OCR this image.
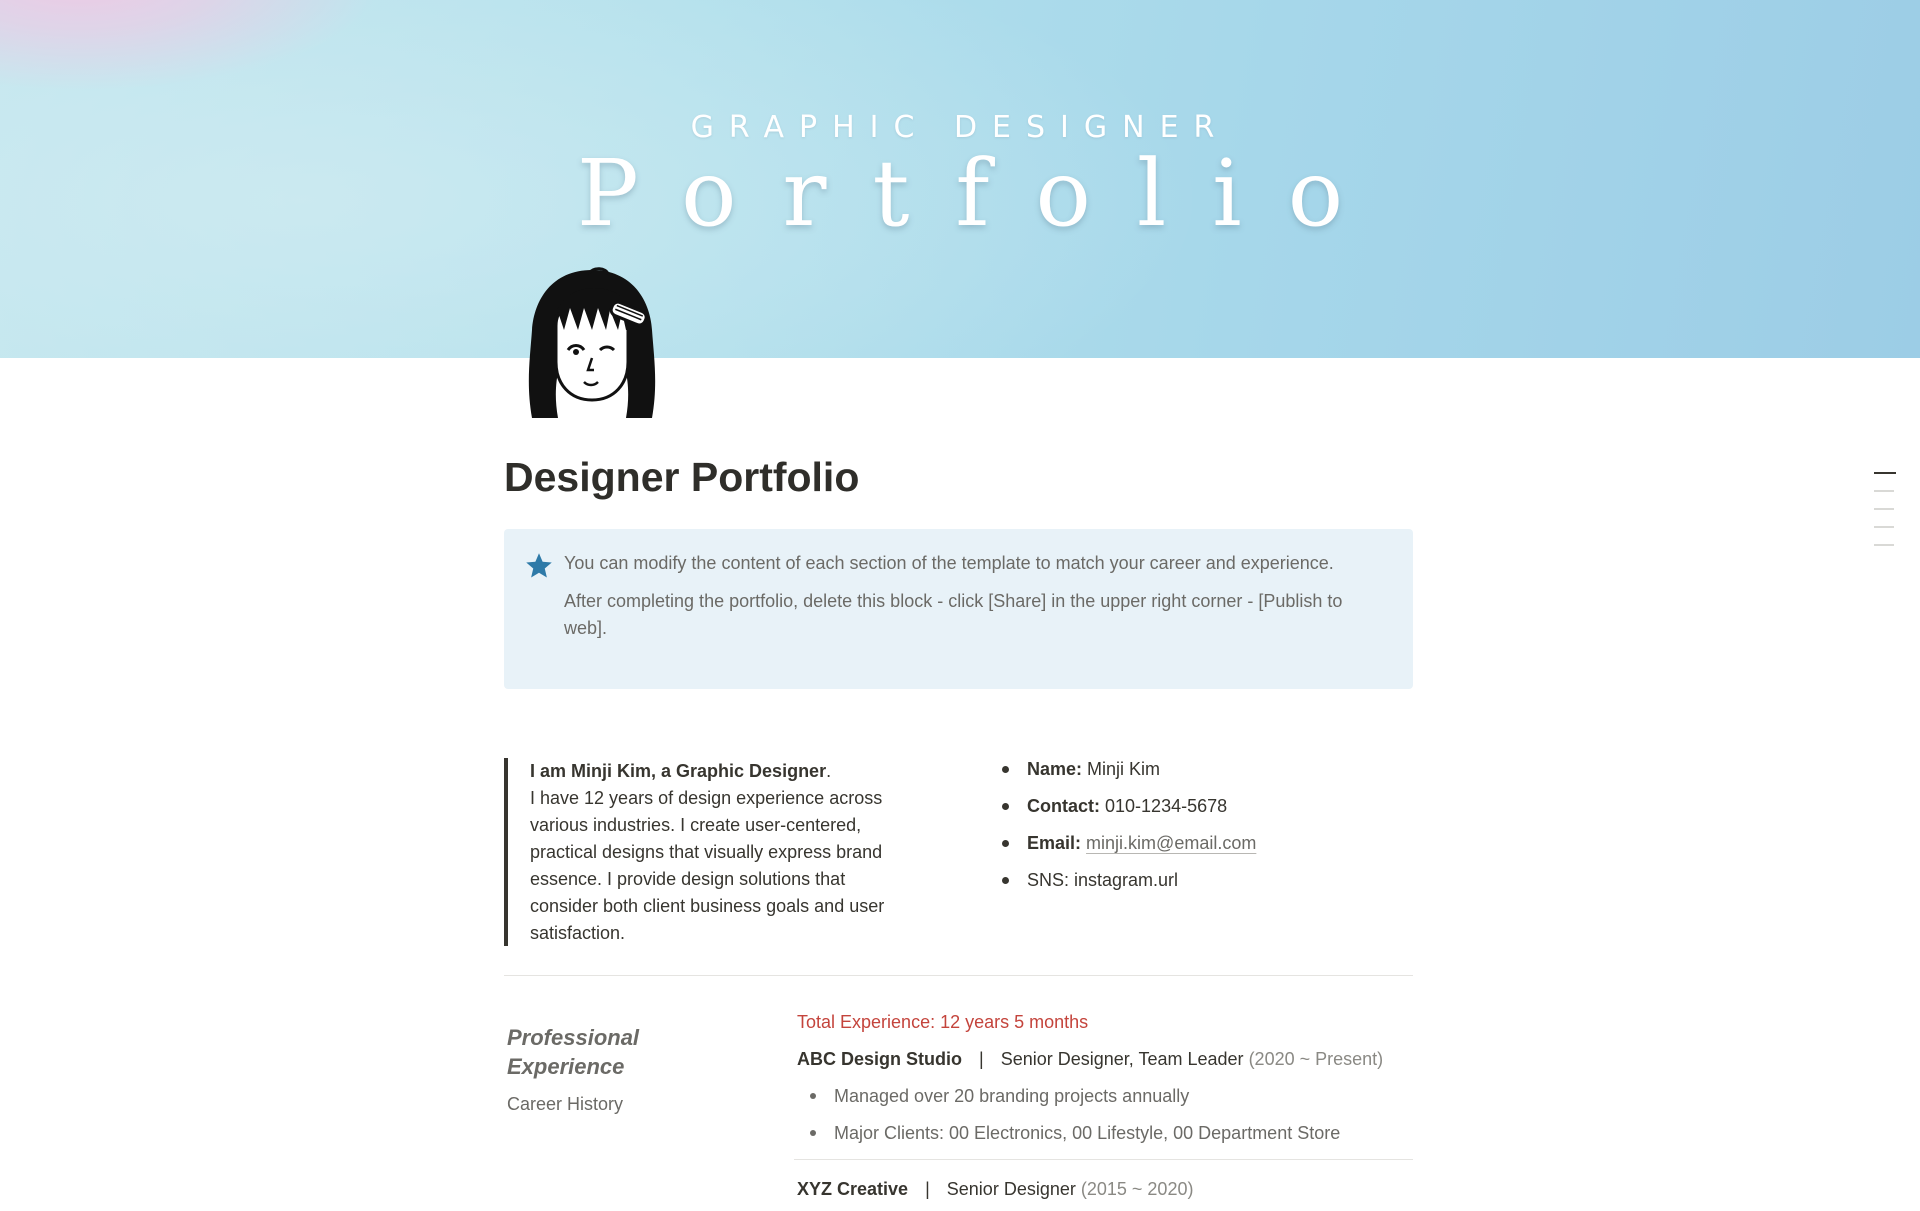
GRAPHIC DESIGNER
Portfolio
Designer Portfolio

You can modify the content of each section of the template to match your career and experience.

After completing the portfolio, delete this block - click [Share] in the upper right corner - [Publish to web].

I am Minji Kim, a Graphic Designer.

I have 12 years of design experience across various industries. I create user-centered, practical designs that visually express brand essence. I provide design solutions that consider both client business goals and user satisfaction.

Name: Minji Kim
Contact: 010-1234-5678
Email: minji.kim@email.com
SNS: instagram.url
Professional Experience
Career History
Total Experience: 12 years 5 months
ABC Design Studio | Senior Designer, Team Leader (2020 ~ Present)
Managed over 20 branding projects annually
Major Clients: 00 Electronics, 00 Lifestyle, 00 Department Store
XYZ Creative | Senior Designer (2015 ~ 2020)
